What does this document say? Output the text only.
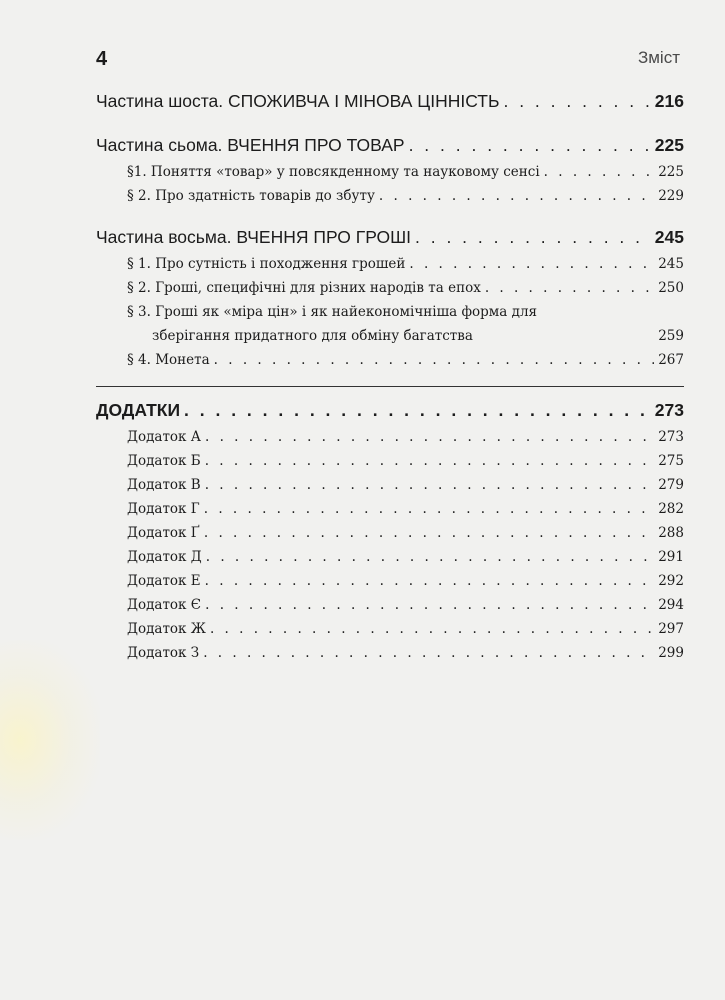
4	Зміст
Частина шоста. СПОЖИВЧА І МІНОВА ЦІННІСТЬ . . .	216
Частина сьома. ВЧЕННЯ ПРО ТОВАР . . .	225
§1. Поняття «товар» у повсякденному та науковому сенсі . . .	225
§ 2. Про здатність товарів до збуту . . .	229
Частина восьма. ВЧЕННЯ ПРО ГРОШІ . . .	245
§ 1. Про сутність і походження грошей . . .	245
§ 2. Гроші, специфічні для різних народів та епох . . .	250
§ 3. Гроші як «міра цін» і як найекономічніша форма для
зберігання придатного для обміну багатства	259
§ 4. Монета . . .	267
ДОДАТКИ . . .	273
Додаток А . . .	273
Додаток Б . . .	275
Додаток В . . .	279
Додаток Г . . .	282
Додаток Ґ . . .	288
Додаток Д . . .	291
Додаток Е . . .	292
Додаток Є . . .	294
Додаток Ж . . .	297
Додаток З . . .	299
